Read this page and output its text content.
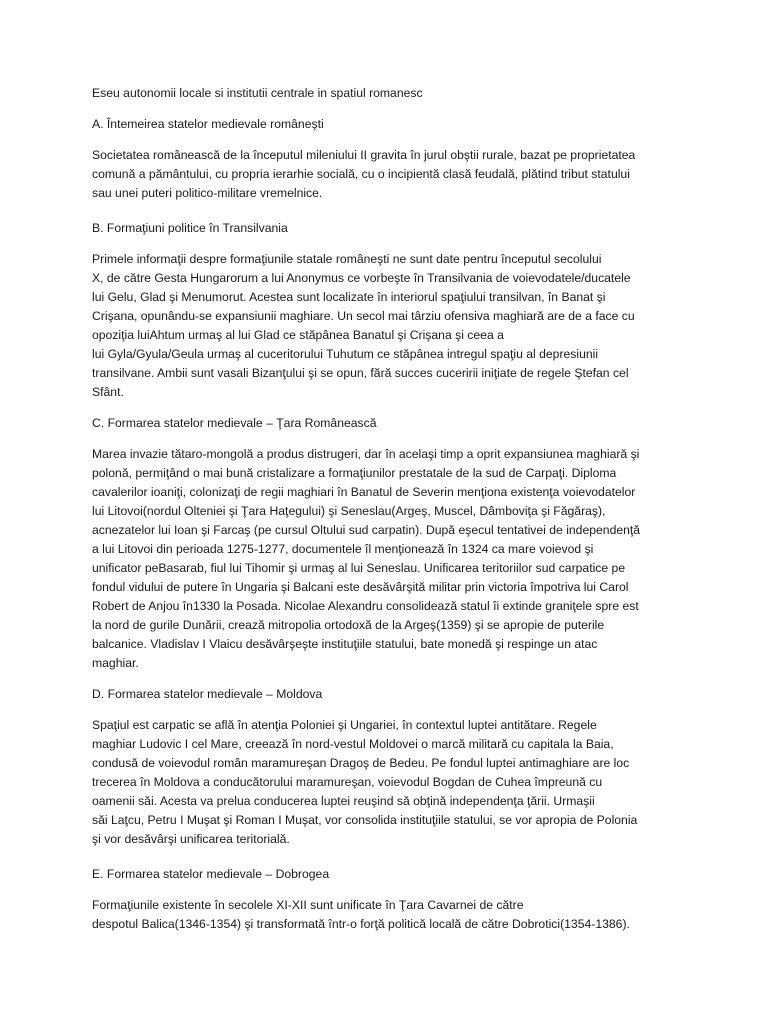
Eseu autonomii locale si institutii centrale in spatiul romanesc
A. Întemeirea statelor medievale româneşti
Societatea românească de la începutul mileniului II gravita în jurul obştii rurale, bazat pe proprietatea
comună a pământului, cu propria ierarhie socială, cu o incipientă clasă feudală, plătind tribut statului
sau unei puteri politico-militare vremelnice.
B. Formaţiuni politice în Transilvania
Primele informaţii despre formaţiunile statale româneşti ne sunt date pentru începutul secolului
X, de către Gesta Hungarorum a lui Anonymus ce vorbeşte în Transilvania de voievodatele/ducatele
lui Gelu, Glad şi Menumorut. Acestea sunt localizate în interiorul spaţiului transilvan, în Banat şi
Crişana, opunându-se expansiunii maghiare. Un secol mai târziu ofensiva maghiară are de a face cu
opoziţia luiAhtum urmaş al lui Glad ce stăpânea Banatul şi Crişana şi ceea a
lui Gyla/Gyula/Geula urmaş al cuceritorului Tuhutum ce stăpânea intregul spaţiu al depresiunii
transilvane. Ambii sunt vasali Bizanţului şi se opun, fără succes cuceririi iniţiate de regele Ştefan cel
Sfânt.
C. Formarea statelor medievale – Ţara Românească
Marea invazie tătaro-mongolă a produs distrugeri, dar în acelaşi timp a oprit expansiunea maghiară şi
polonă, permiţând o mai bună cristalizare a formaţiunilor prestatale de la sud de Carpaţi. Diploma
cavalerilor ioaniţi, colonizaţi de regii maghiari în Banatul de Severin menţiona existenţa voievodatelor
lui Litovoi(nordul Olteniei şi Ţara Haţegului) şi Seneslau(Argeş, Muscel, Dâmboviţa şi Făgăraş),
acnezatelor lui Ioan şi Farcaş (pe cursul Oltului sud carpatin). După eşecul tentativei de independenţă
a lui Litovoi din perioada 1275-1277, documentele îl menţionează în 1324 ca mare voievod şi
unificator peBasarab, fiul lui Tihomir şi urmaş al lui Seneslau. Unificarea teritoriilor sud carpatice pe
fondul vidului de putere în Ungaria şi Balcani este desăvârşită militar prin victoria împotriva lui Carol
Robert de Anjou în1330 la Posada. Nicolae Alexandru consolidează statul îi extinde graniţele spre est
la nord de gurile Dunării, crează mitropolia ortodoxă de la Argeş(1359) şi se apropie de puterile
balcanice. Vladislav I Vlaicu desăvârşeşte instituţiile statului, bate monedă şi respinge un atac
maghiar.
D. Formarea statelor medievale – Moldova
Spaţiul est carpatic se află în atenţia Poloniei şi Ungariei, în contextul luptei antitătare. Regele
maghiar Ludovic I cel Mare, creează în nord-vestul Moldovei o marcă militară cu capitala la Baia,
condusă de voievodul român maramureşan Dragoş de Bedeu. Pe fondul luptei antimaghiare are loc
trecerea în Moldova a conducătorului maramureşan, voievodul Bogdan de Cuhea împreună cu
oamenii săi. Acesta va prelua conducerea luptei reuşind să obţină independenţa ţării. Urmaşii
săi Laţcu, Petru I Muşat şi Roman I Muşat, vor consolida instituţiile statului, se vor apropia de Polonia
şi vor desăvârşi unificarea teritorială.
E. Formarea statelor medievale – Dobrogea
Formaţiunile existente în secolele XI-XII sunt unificate în Ţara Cavarnei de către
despotul Balica(1346-1354) şi transformată într-o forţă politică locală de către Dobrotici(1354-1386).
